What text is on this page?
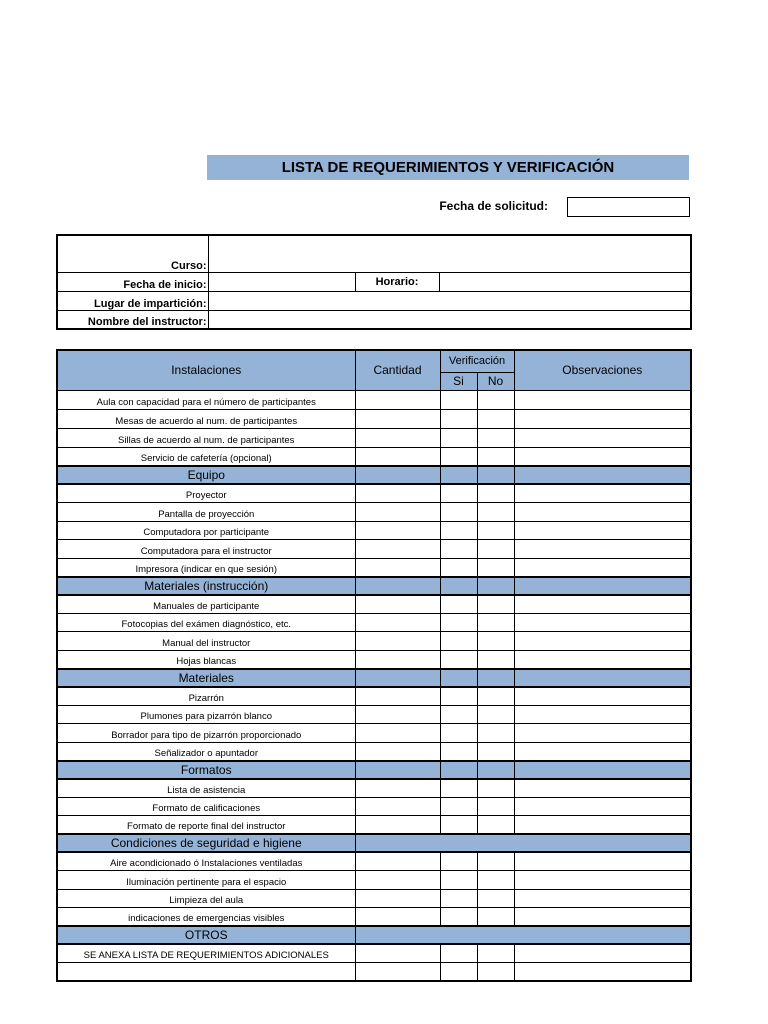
LISTA DE REQUERIMIENTOS Y VERIFICACIÓN
Fecha de solicitud:
Curso:			
Fecha de inicio:		Horario:	
Lugar de impartición:			
Nombre del instructor:			
Instalaciones	Cantidad	Verificación		Observaciones
		Si	No	
Aula con capacidad para el número de participantes				
Mesas de acuerdo al num. de participantes				
Sillas de acuerdo al num. de participantes				
Servicio de cafetería (opcional)				
Equipo				
Proyector				
Pantalla de proyección				
Computadora por participante				
Computadora para el instructor				
Impresora (indicar en que sesión)				
Materiales (instrucción)				
Manuales de participante				
Fotocopias del exámen diagnóstico, etc.				
Manual del instructor				
Hojas blancas				
Materiales				
Pizarrón				
Plumones para pizarrón blanco				
Borrador para tipo de pizarrón proporcionado				
Señalizador o apuntador				
Formatos				
Lista de asistencia				
Formato de calificaciones				
Formato de reporte final del instructor				
Condiciones de seguridad e higiene				
Aire acondicionado ó Instalaciones ventiladas				
Iluminación pertinente para el espacio				
Limpieza del aula				
indicaciones de emergencias visibles				
OTROS				
SE ANEXA LISTA DE REQUERIMIENTOS ADICIONALES				
